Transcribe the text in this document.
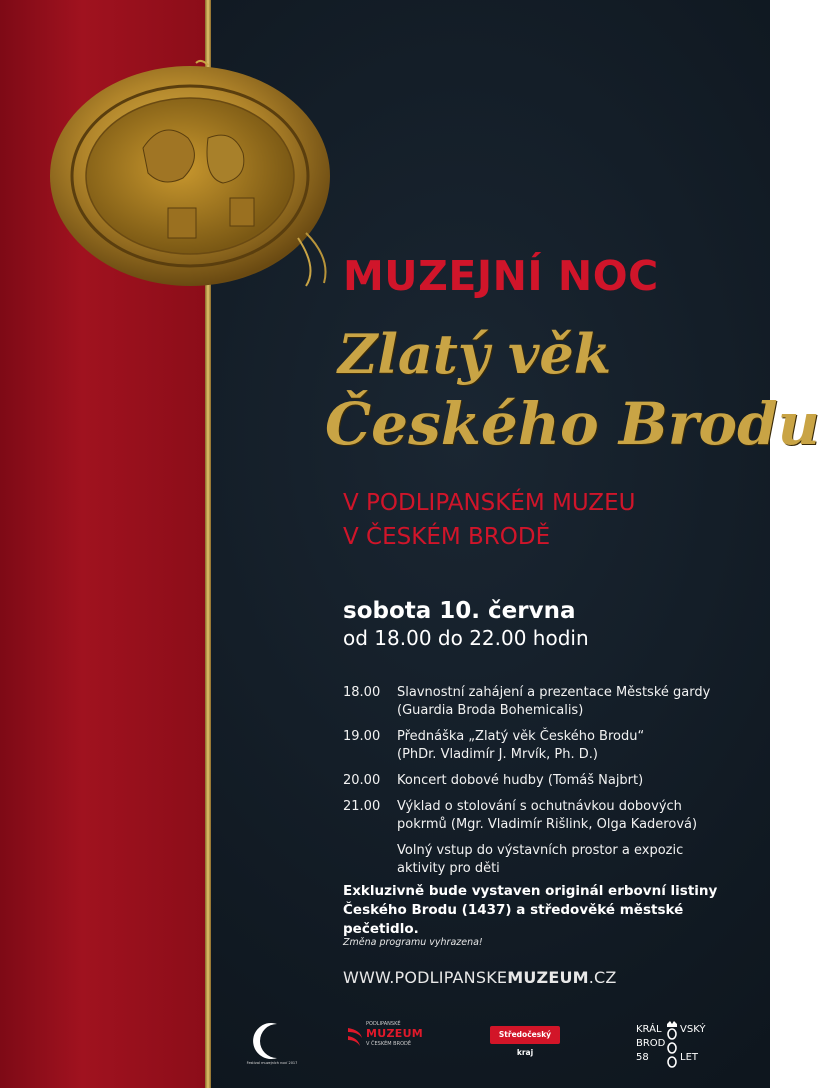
MUZEJNÍ NOC
Zlatý věk
Českého Brodu
V PODLIPANSKÉM MUZEU
V ČESKÉM BRODĚ
sobota 10. června
od 18.00 do 22.00 hodin
18.00	Slavnostní zahájení a prezentace Městské gardy
(Guardia Broda Bohemicalis)
19.00	Přednáška „Zlatý věk Českého Brodu“
(PhDr. Vladimír J. Mrvík, Ph. D.)
20.00	Koncert dobové hudby (Tomáš Najbrt)
21.00	Výklad o stolování s ochutnávkou dobových
pokrmů (Mgr. Vladimír Rišlink, Olga Kaderová)
Volný vstup do výstavních prostor a expozic
aktivity pro děti
Exkluzivně bude vystaven originál erbovní listiny
Českého Brodu (1437) a středověké městské pečetidlo.
Změna programu vyhrazena!
WWW.PODLIPANSKEMUZEUM.CZ
Festival muzejních nocí 2017
PODLIPANSKÉ
MUZEUM
V ČESKÉM BRODĚ
Středočeský kraj
KRÁL VSKÝ
BROD
58	LET
